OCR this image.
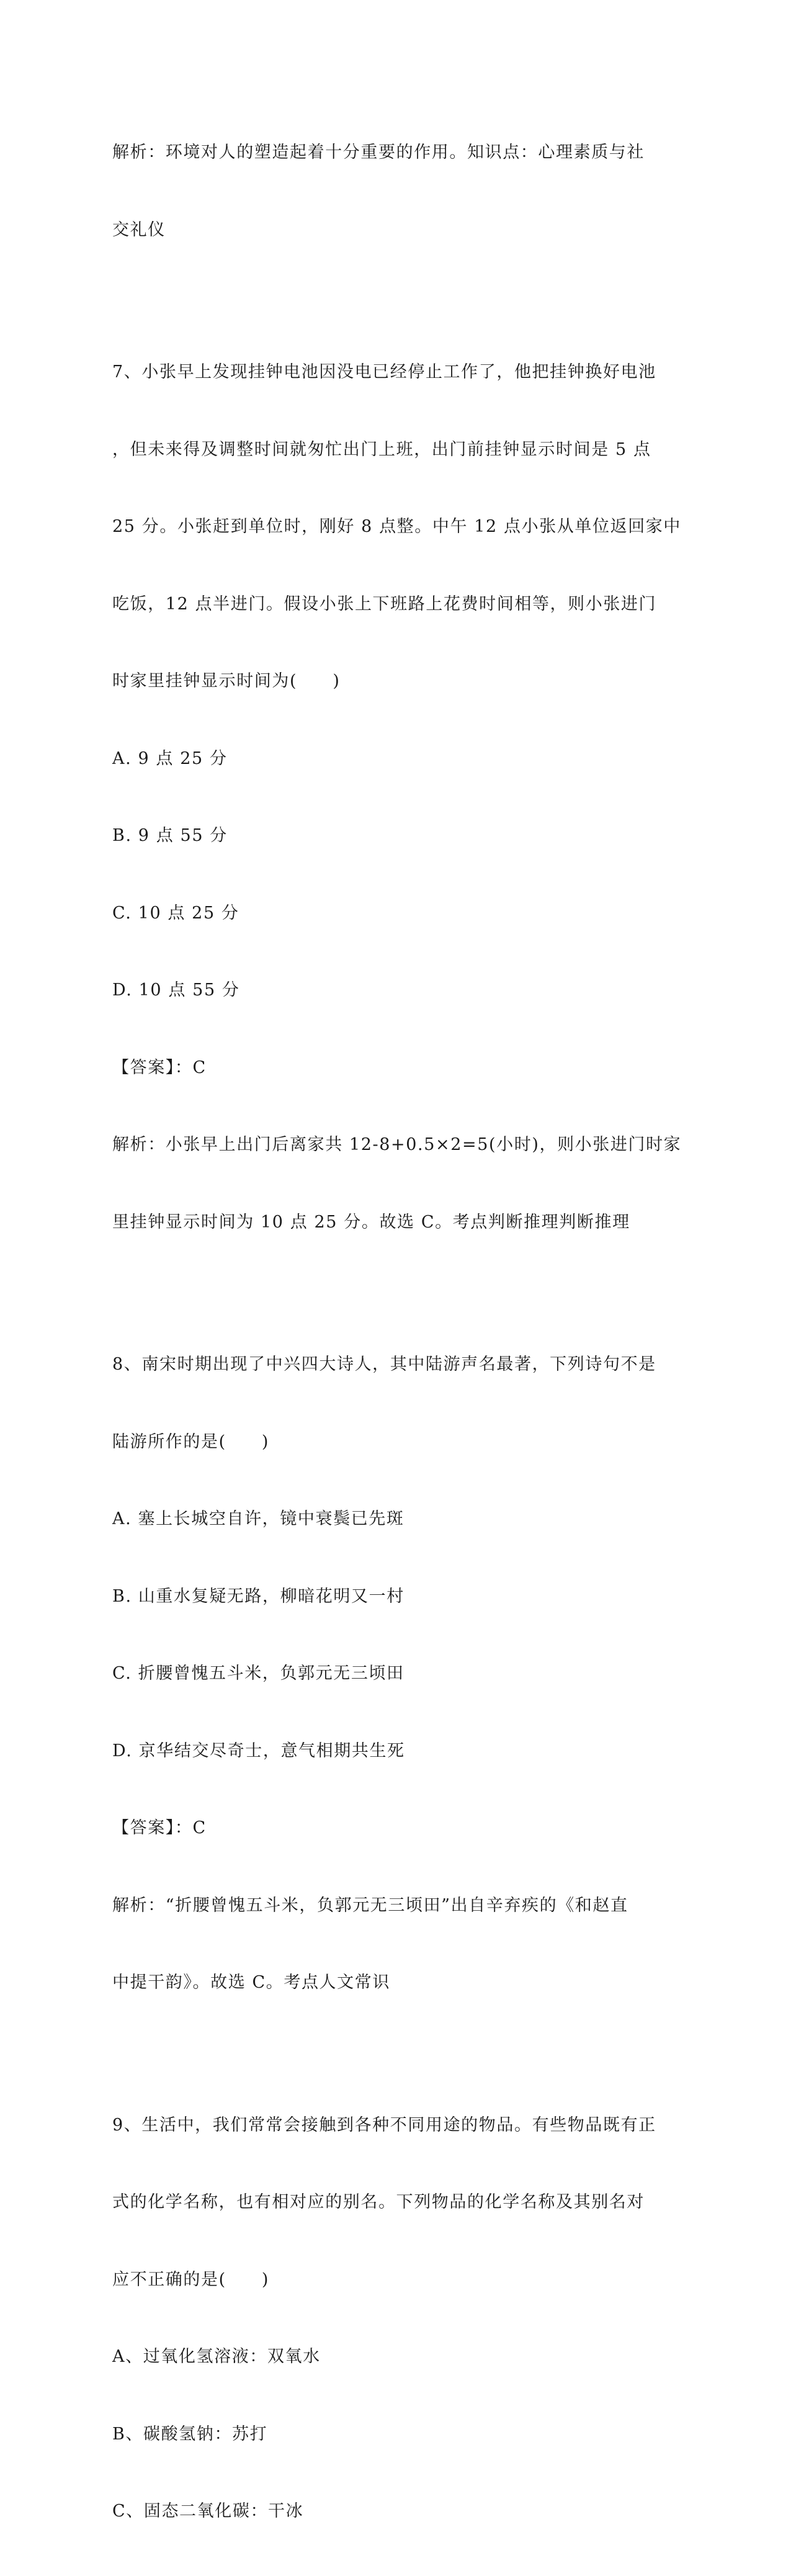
解析：环境对人的塑造起着十分重要的作用。知识点：心理素质与社

交礼仪

7、小张早上发现挂钟电池因没电已经停止工作了，他把挂钟换好电池

，但未来得及调整时间就匆忙出门上班，出门前挂钟显示时间是 5 点

25 分。小张赶到单位时，刚好 8 点整。中午 12 点小张从单位返回家中

吃饭，12 点半进门。假设小张上下班路上花费时间相等，则小张进门

时家里挂钟显示时间为(　　)

A. 9 点 25 分

B. 9 点 55 分

C. 10 点 25 分

D. 10 点 55 分

【答案】：C

解析：小张早上出门后离家共 12-8+0.5×2=5(小时)，则小张进门时家

里挂钟显示时间为 10 点 25 分。故选 C。考点判断推理判断推理

8、南宋时期出现了中兴四大诗人，其中陆游声名最著，下列诗句不是

陆游所作的是(　　)

A. 塞上长城空自许，镜中衰鬓已先斑

B. 山重水复疑无路，柳暗花明又一村

C. 折腰曾愧五斗米，负郭元无三顷田

D. 京华结交尽奇士，意气相期共生死

【答案】：C

解析：“折腰曾愧五斗米，负郭元无三顷田”出自辛弃疾的《和赵直

中提干韵》。故选 C。考点人文常识

9、生活中，我们常常会接触到各种不同用途的物品。有些物品既有正

式的化学名称，也有相对应的别名。下列物品的化学名称及其别名对

应不正确的是(　　)

A、过氧化氢溶液：双氧水

B、碳酸氢钠：苏打

C、固态二氧化碳：干冰
